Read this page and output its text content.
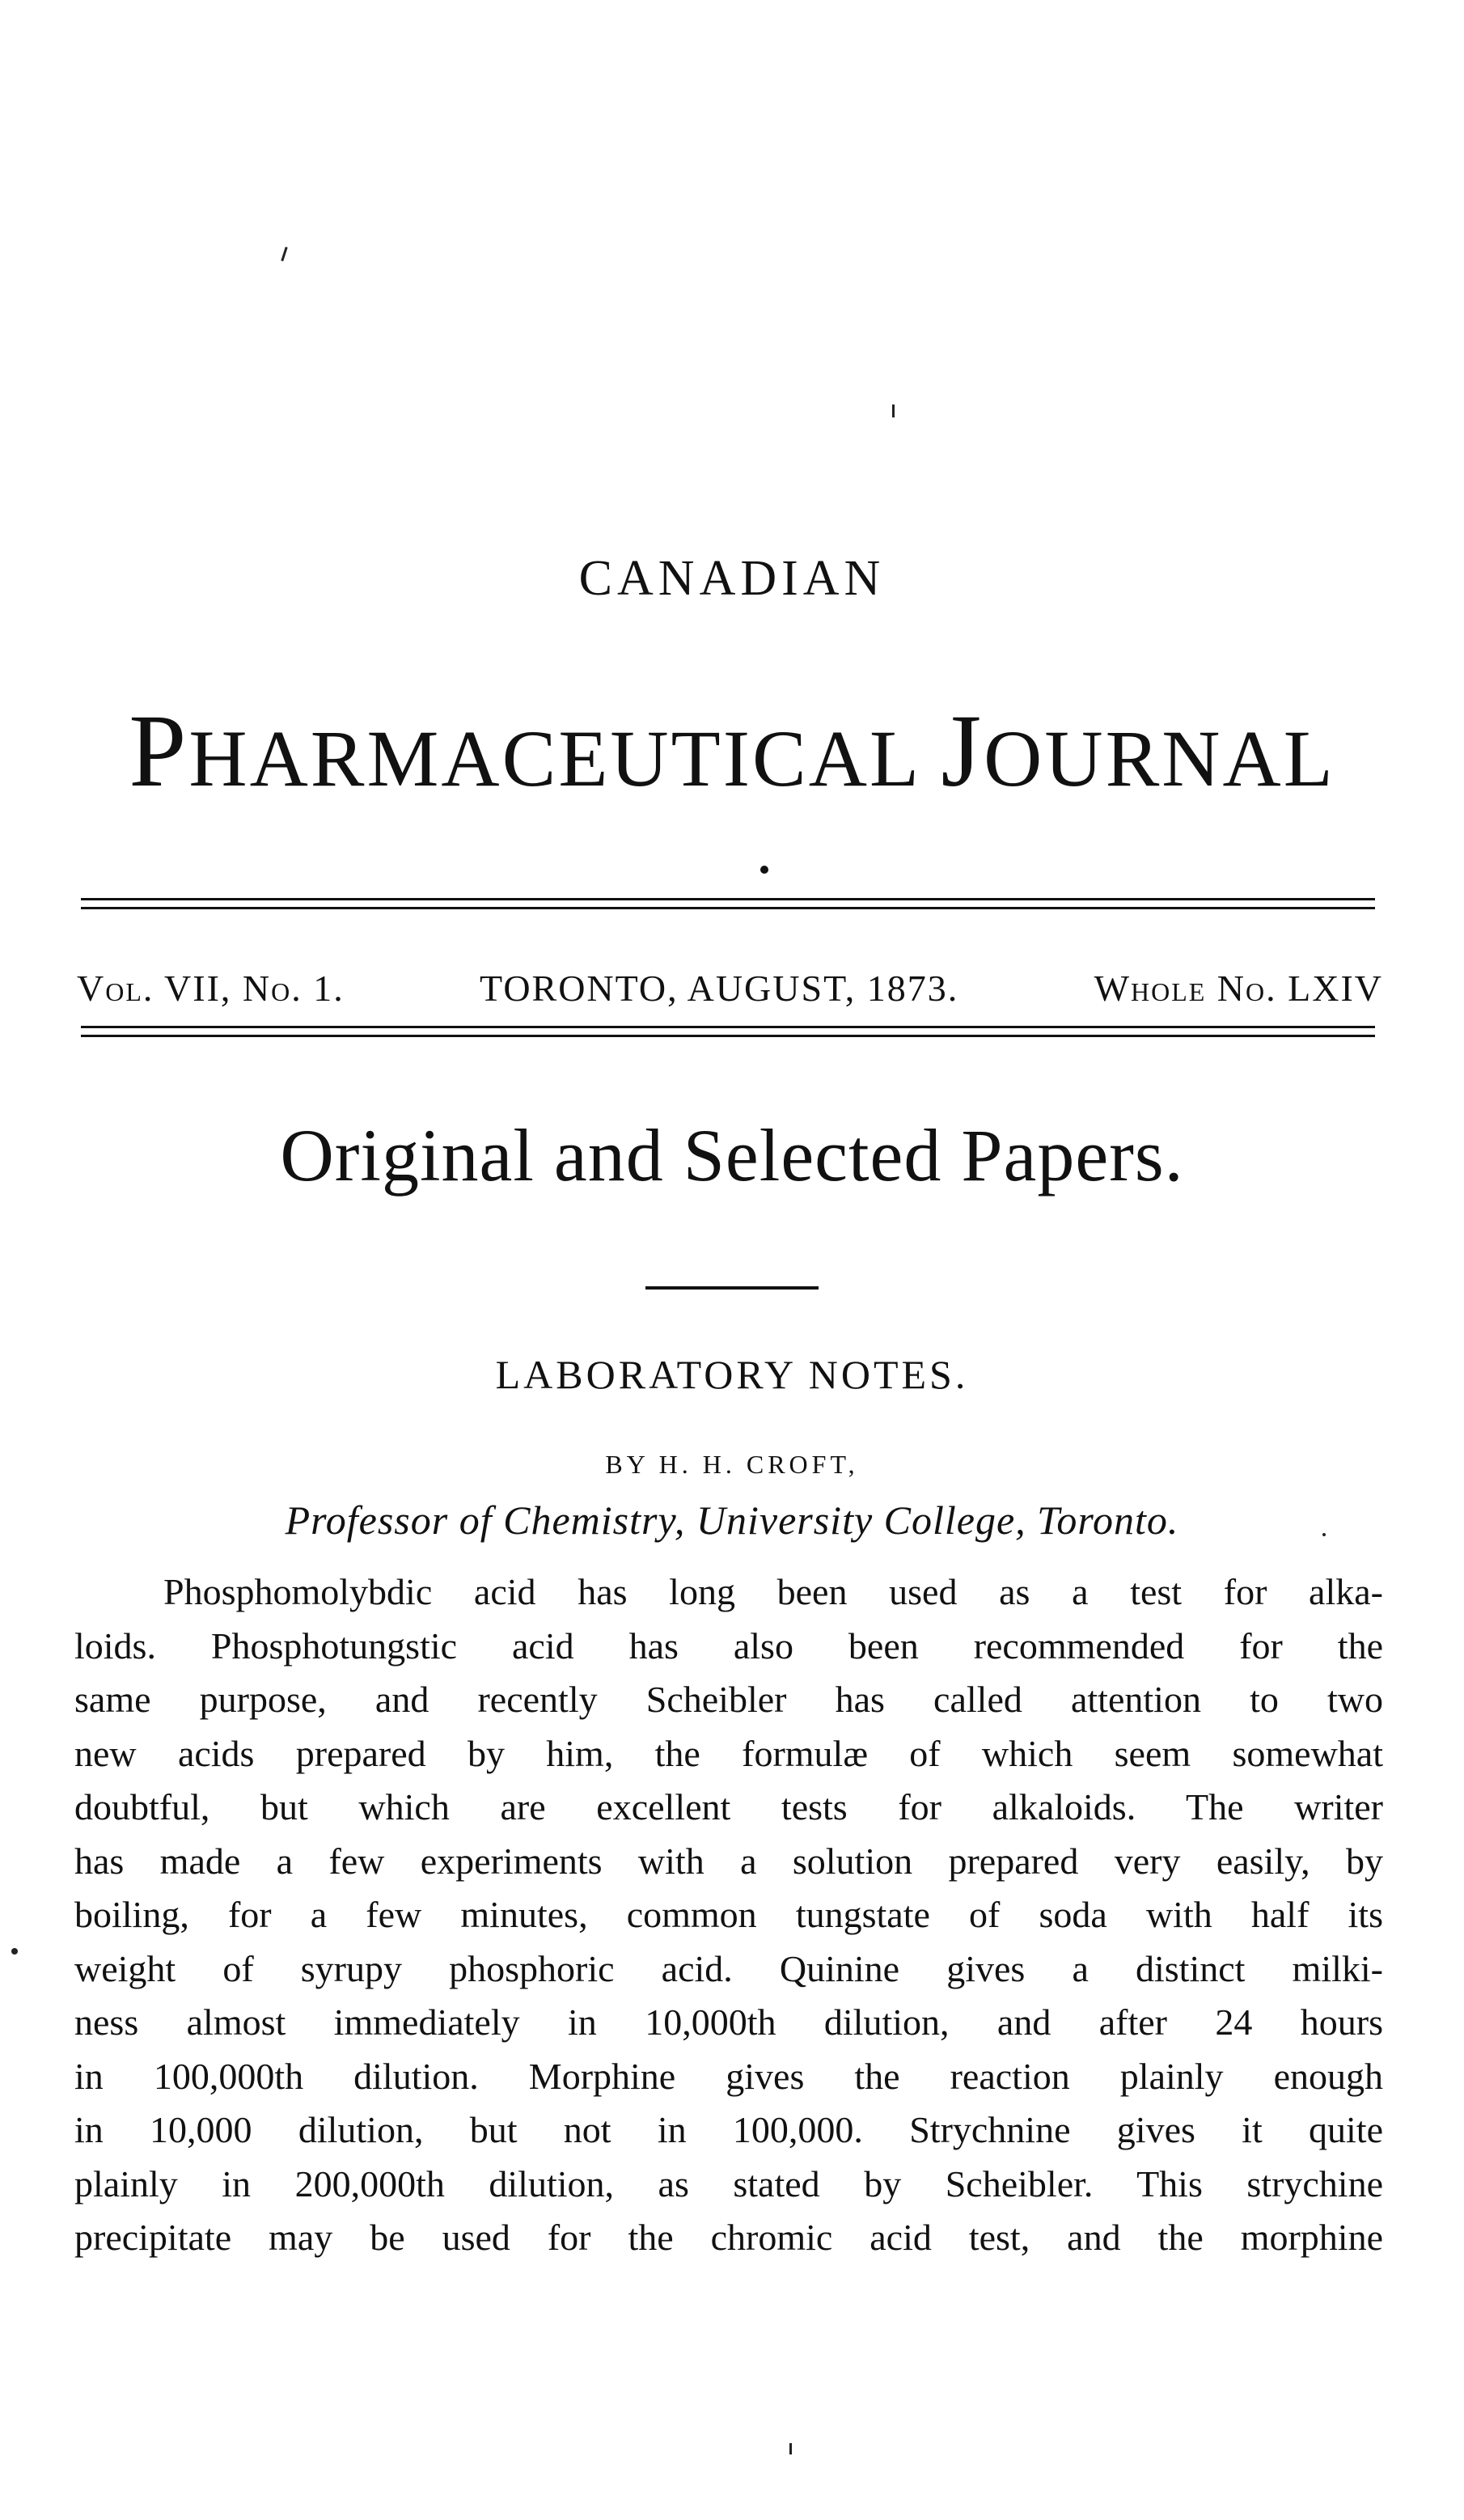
CANADIAN
PHARMACEUTICAL JOURNAL
Vol. VII, No. 1.	TORONTO, AUGUST, 1873.	Whole No. LXIV
Original and Selected Papers.
LABORATORY NOTES.
BY H. H. CROFT,
Professor of Chemistry, University College, Toronto.
Phosphomolybdic acid has long been used as a test for alka-
loids. Phosphotungstic acid has also been recommended for the
same purpose, and recently Scheibler has called attention to two
new acids prepared by him, the formulæ of which seem somewhat
doubtful, but which are excellent tests for alkaloids. The writer
has made a few experiments with a solution prepared very easily, by
boiling, for a few minutes, common tungstate of soda with half its
weight of syrupy phosphoric acid. Quinine gives a distinct milki-
ness almost immediately in 10,000th dilution, and after 24 hours
in 100,000th dilution. Morphine gives the reaction plainly enough
in 10,000 dilution, but not in 100,000. Strychnine gives it quite
plainly in 200,000th dilution, as stated by Scheibler. This strychine
precipitate may be used for the chromic acid test, and the morphine
